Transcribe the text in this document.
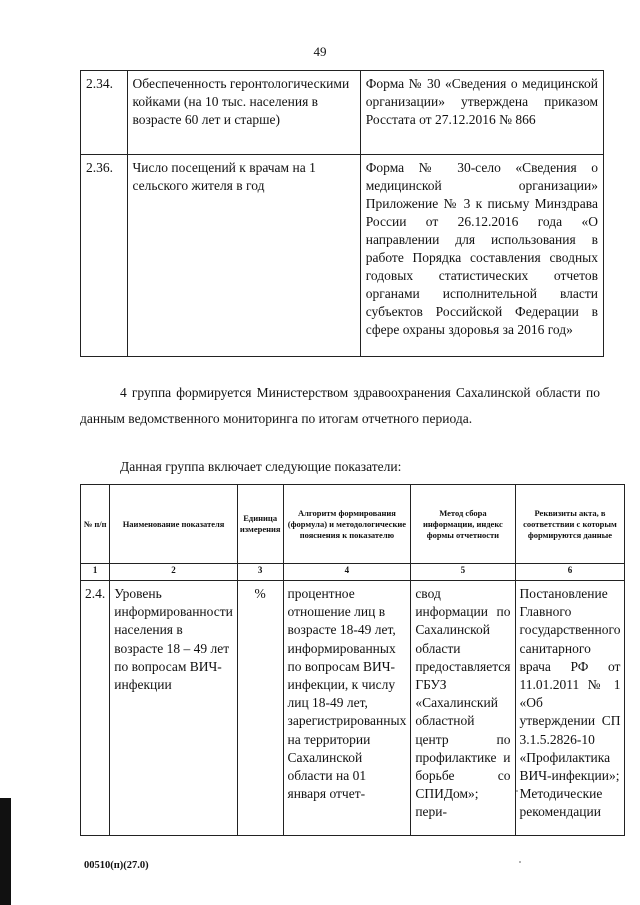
49
2.34.	Обеспеченность геронтологическими койками (на 10 тыс. населения в возрасте 60 лет и старше)	Форма № 30 «Сведения о медицинской организации» утверждена приказом Росстата от 27.12.2016 № 866
2.36.	Число посещений к врачам на 1 сельского жителя в год	Форма № 30-село «Сведения о медицинской организации» Приложение № 3 к письму Минздрава России от 26.12.2016 года «О направлении для использования в работе Порядка составления сводных годовых статистических отчетов органами исполнительной власти субъектов Российской Федерации в сфере охраны здоровья за 2016 год»
4 группа формируется Министерством здравоохранения Сахалинской области по данным ведомственного мониторинга по итогам отчетного периода.
Данная группа включает следующие показатели:
№ п/п	Наименование показателя	Единица измерения	Алгоритм формирования (формула) и методологические пояснения к показателю	Метод сбора информации, индекс формы отчетности	Реквизиты акта, в соответствии с которым формируются данные
1	2	3	4	5	6
2.4.	Уровень информированности населения в возрасте 18 – 49 лет по вопросам ВИЧ-инфекции	%	процентное отношение лиц в возрасте 18-49 лет, информированных по вопросам ВИЧ-инфекции, к числу лиц 18-49 лет, зарегистрированных на территории Сахалинской области на 01 января отчет-	свод информации по Сахалинской области предоставляется ГБУЗ «Сахалинский областной центр по профилактике и борьбе со СПИДом»; пери-	Постановление Главного государственного санитарного врача РФ от 11.01.2011 № 1 «Об утверждении СП 3.1.5.2826-10 «Профилактика ВИЧ-инфекции»; Методические рекомендации
00510(п)(27.0)
